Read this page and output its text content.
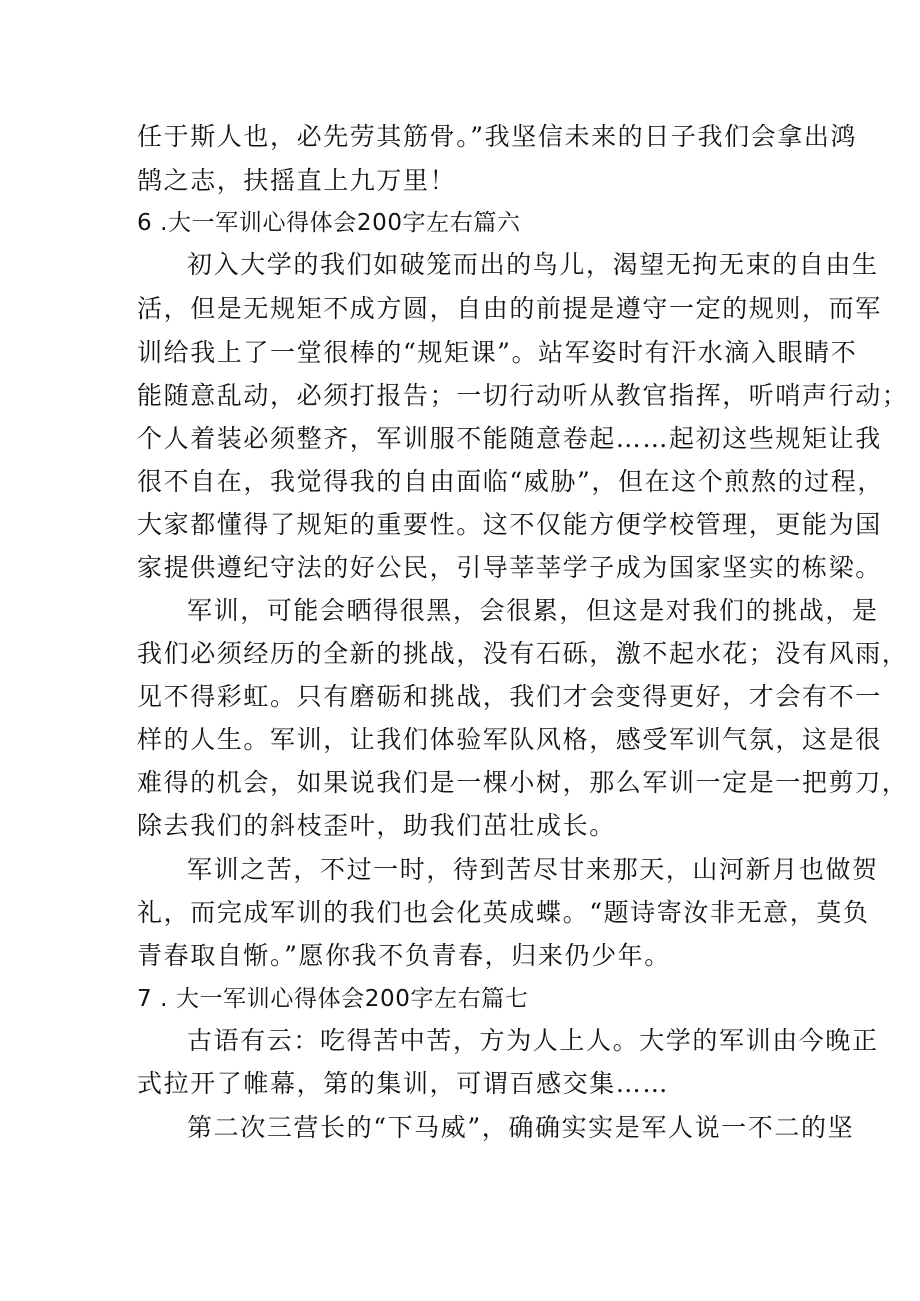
任于斯人也，必先劳其筋骨。”我坚信未来的日子我们会拿出鸿
鹄之志，扶摇直上九万里！
6 .大一军训心得体会200字左右篇六
初入大学的我们如破笼而出的鸟儿，渴望无拘无束的自由生
活，但是无规矩不成方圆，自由的前提是遵守一定的规则，而军
训给我上了一堂很棒的“规矩课”。站军姿时有汗水滴入眼睛不
能随意乱动，必须打报告；一切行动听从教官指挥，听哨声行动；
个人着装必须整齐，军训服不能随意卷起……起初这些规矩让我
很不自在，我觉得我的自由面临“威胁”，但在这个煎熬的过程，
大家都懂得了规矩的重要性。这不仅能方便学校管理，更能为国
家提供遵纪守法的好公民，引导莘莘学子成为国家坚实的栋梁。
军训，可能会晒得很黑，会很累，但这是对我们的挑战，是
我们必须经历的全新的挑战，没有石砾，激不起水花；没有风雨，
见不得彩虹。只有磨砺和挑战，我们才会变得更好，才会有不一
样的人生。军训，让我们体验军队风格，感受军训气氛，这是很
难得的机会，如果说我们是一棵小树，那么军训一定是一把剪刀，
除去我们的斜枝歪叶，助我们茁壮成长。
军训之苦，不过一时，待到苦尽甘来那天，山河新月也做贺
礼，而完成军训的我们也会化英成蝶。“题诗寄汝非无意，莫负
青春取自惭。”愿你我不负青春，归来仍少年。
7 . 大一军训心得体会200字左右篇七
古语有云：吃得苦中苦，方为人上人。大学的军训由今晚正
式拉开了帷幕，第的集训，可谓百感交集……
第二次三营长的“下马威”，确确实实是军人说一不二的坚
